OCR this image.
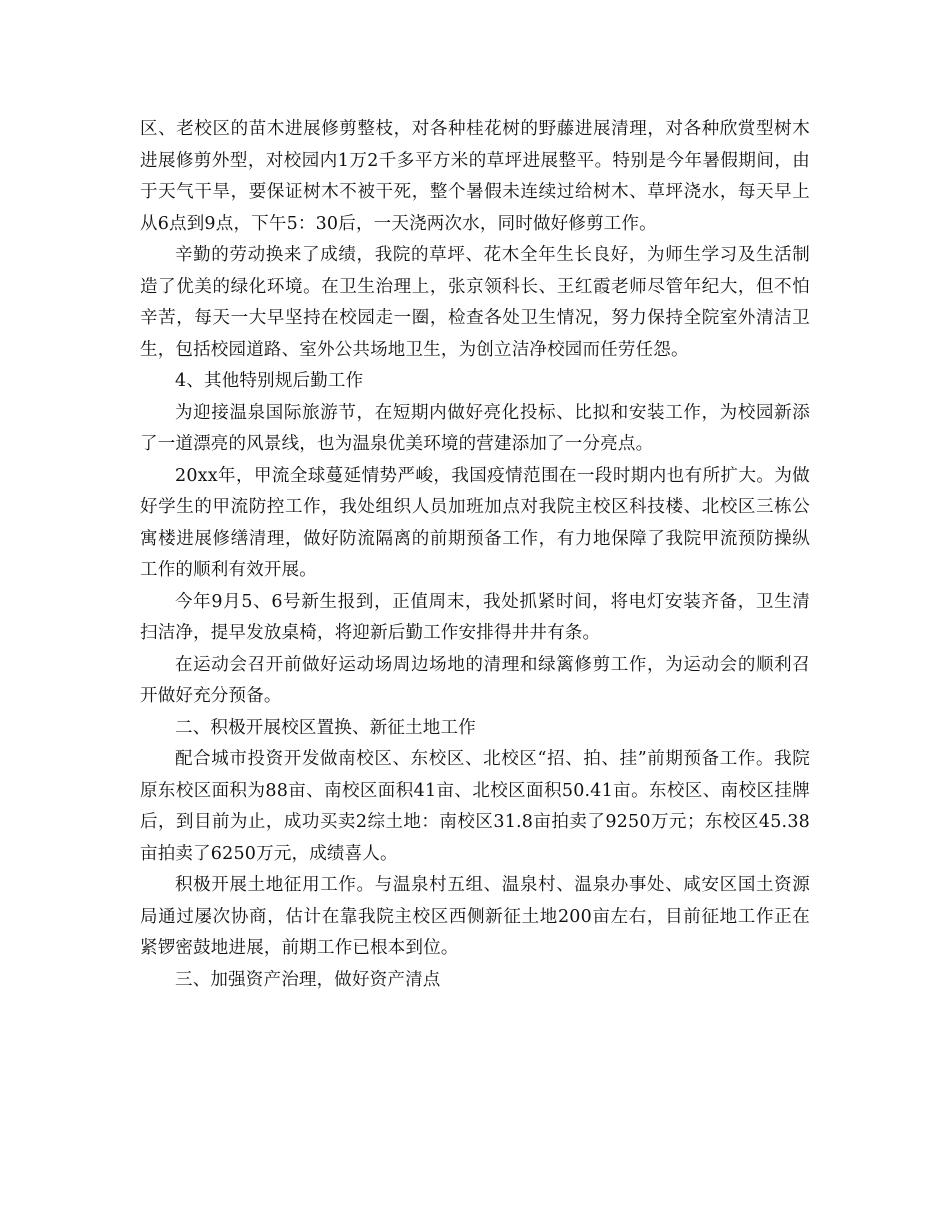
区、老校区的苗木进展修剪整枝，对各种桂花树的野藤进展清理，对各种欣赏型树木进展修剪外型，对校园内1万2千多平方米的草坪进展整平。特别是今年暑假期间，由于天气干旱，要保证树木不被干死，整个暑假未连续过给树木、草坪浇水，每天早上从6点到9点，下午5：30后，一天浇两次水，同时做好修剪工作。

辛勤的劳动换来了成绩，我院的草坪、花木全年生长良好，为师生学习及生活制造了优美的绿化环境。在卫生治理上，张京领科长、王红霞老师尽管年纪大，但不怕辛苦，每天一大早坚持在校园走一圈，检查各处卫生情况，努力保持全院室外清洁卫生，包括校园道路、室外公共场地卫生，为创立洁净校园而任劳任怨。

4、其他特别规后勤工作

为迎接温泉国际旅游节，在短期内做好亮化投标、比拟和安装工作，为校园新添了一道漂亮的风景线，也为温泉优美环境的营建添加了一分亮点。

20xx年，甲流全球蔓延情势严峻，我国疫情范围在一段时期内也有所扩大。为做好学生的甲流防控工作，我处组织人员加班加点对我院主校区科技楼、北校区三栋公寓楼进展修缮清理，做好防流隔离的前期预备工作，有力地保障了我院甲流预防操纵工作的顺利有效开展。

今年9月5、6号新生报到，正值周末，我处抓紧时间，将电灯安装齐备，卫生清扫洁净，提早发放桌椅，将迎新后勤工作安排得井井有条。

在运动会召开前做好运动场周边场地的清理和绿篱修剪工作，为运动会的顺利召开做好充分预备。

二、积极开展校区置换、新征土地工作

配合城市投资开发做南校区、东校区、北校区“招、拍、挂”前期预备工作。我院原东校区面积为88亩、南校区面积41亩、北校区面积50.41亩。东校区、南校区挂牌后，到目前为止，成功买卖2综土地：南校区31.8亩拍卖了9250万元；东校区45.38亩拍卖了6250万元，成绩喜人。

积极开展土地征用工作。与温泉村五组、温泉村、温泉办事处、咸安区国土资源局通过屡次协商，估计在靠我院主校区西侧新征土地200亩左右，目前征地工作正在紧锣密鼓地进展，前期工作已根本到位。

三、加强资产治理，做好资产清点
